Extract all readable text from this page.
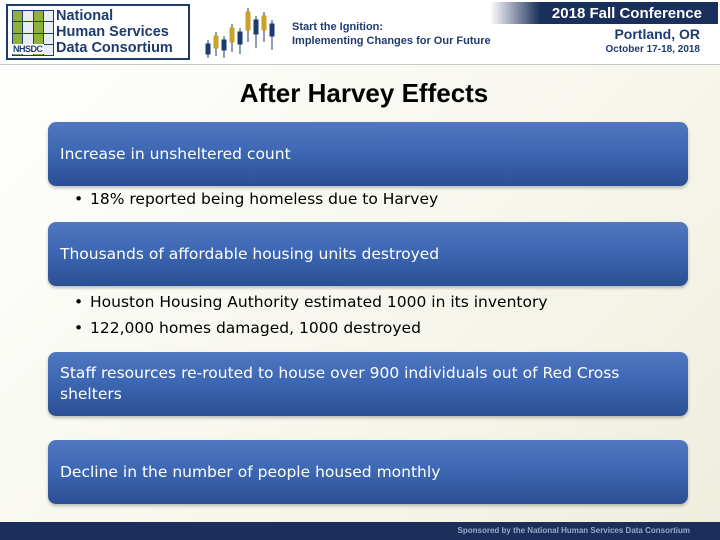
NHSDC
National
Human Services
Data Consortium
Start the Ignition:
Implementing Changes for Our Future
2018 Fall Conference
Portland, OR
October 17-18, 2018
After Harvey Effects
Increase in unsheltered count
• 18% reported being homeless due to Harvey
Thousands of affordable housing units destroyed
• Houston Housing Authority estimated 1000 in its inventory
• 122,000 homes damaged, 1000 destroyed
Staff resources re-routed to house over 900 individuals out of Red Cross
shelters
Decline in the number of people housed monthly
Sponsored by the National Human Services Data Consortium
